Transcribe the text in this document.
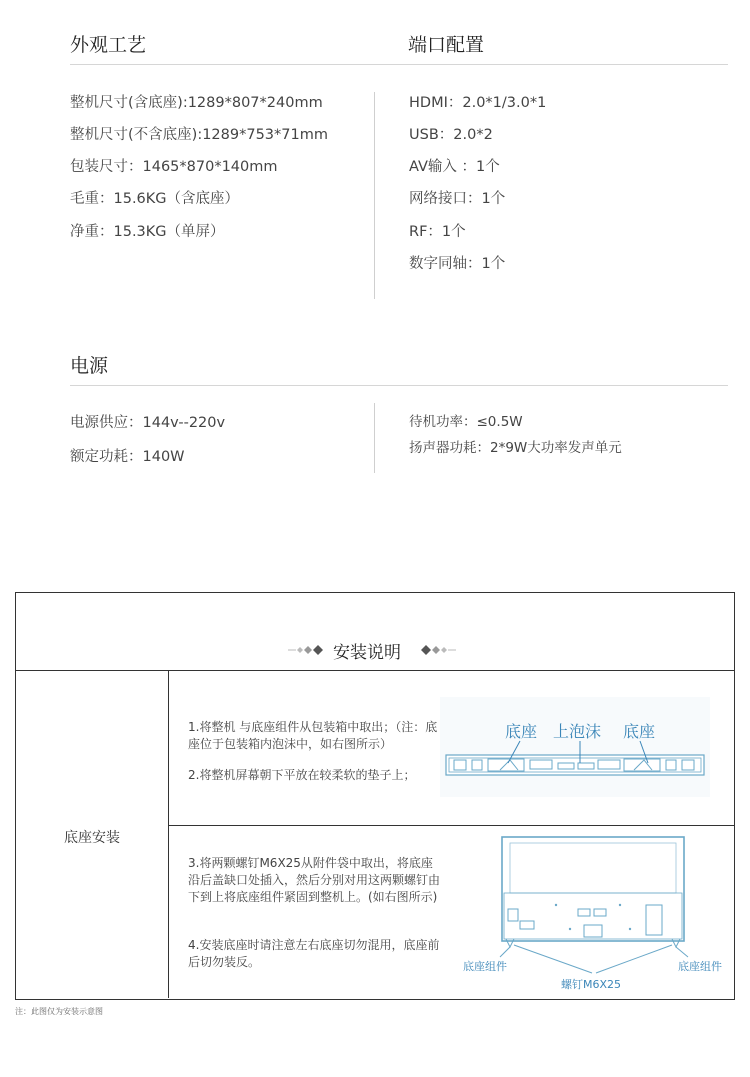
外观工艺	端口配置
整机尺寸(含底座):1289*807*240mm
整机尺寸(不含底座):1289*753*71mm
包装尺寸：1465*870*140mm
毛重：15.6KG（含底座）
净重：15.3KG（单屏）
HDMI：2.0*1/3.0*1
USB：2.0*2
AV输入 ：1个
网络接口：1个
RF：1个
数字同轴：1个
电源
电源供应：144v--220v
额定功耗：140W
待机功率：≤0.5W
扬声器功耗：2*9W大功率发声单元
安装说明
底座安装
1.将整机 与底座组件从包装箱中取出；（注：底座位于包装箱内泡沫中，如右图所示）
2.将整机屏幕朝下平放在较柔软的垫子上；
3.将两颗螺钉M6X25从附件袋中取出，将底座沿后盖缺口处插入，然后分别对用这两颗螺钉由下到上将底座组件紧固到整机上。(如右图所示)
4.安装底座时请注意左右底座切勿混用，底座前后切勿装反。
底座 上泡沫 底座
底座组件	底座组件
螺钉M6X25
注：此图仅为安装示意图
